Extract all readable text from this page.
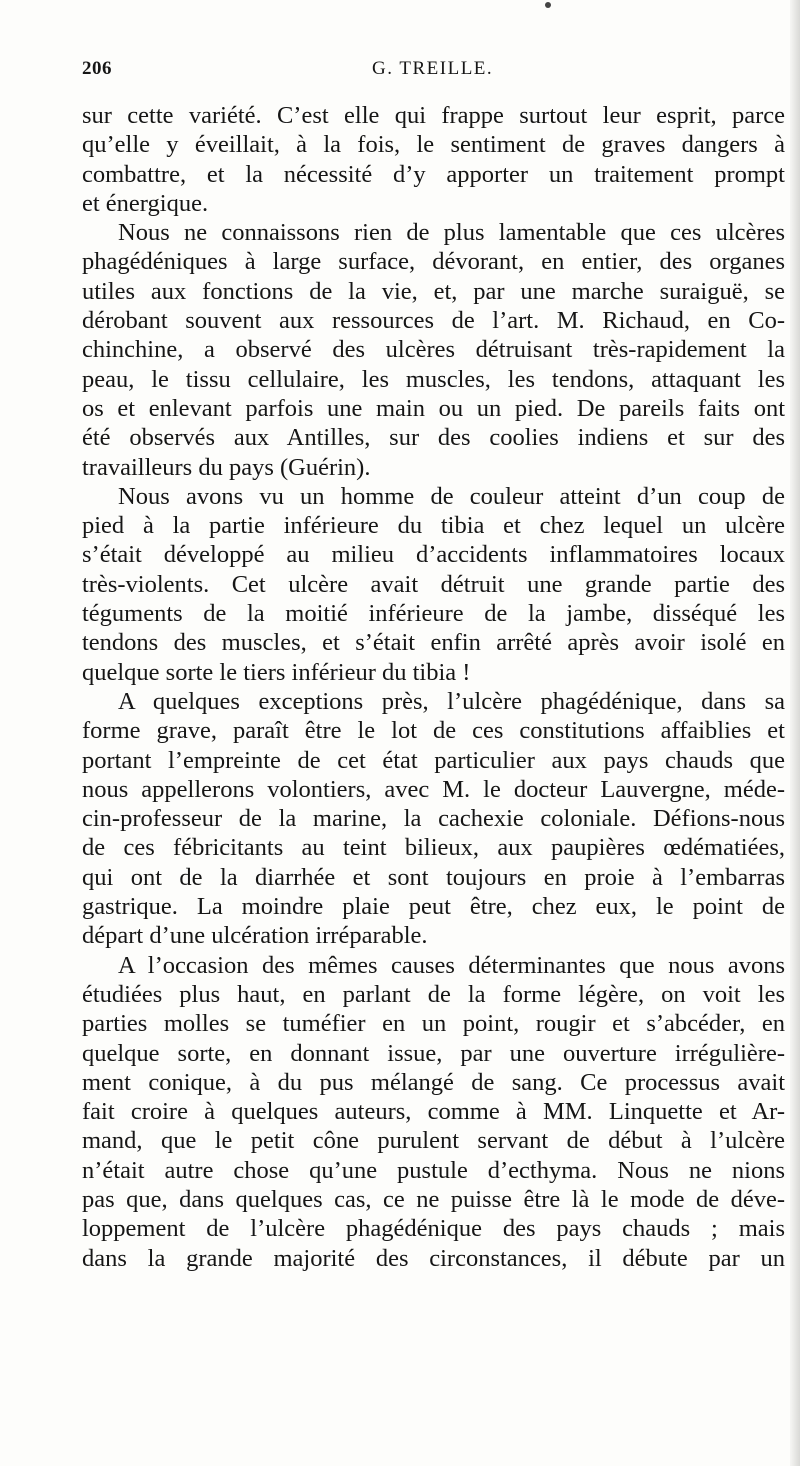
206	G. TREILLE.
sur cette variété. C’est elle qui frappe surtout leur esprit, parce
qu’elle y éveillait, à la fois, le sentiment de graves dangers à
combattre, et la nécessité d’y apporter un traitement prompt
et énergique.
Nous ne connaissons rien de plus lamentable que ces ulcères
phagédéniques à large surface, dévorant, en entier, des organes
utiles aux fonctions de la vie, et, par une marche suraiguë, se
dérobant souvent aux ressources de l’art. M. Richaud, en Co-
chinchine, a observé des ulcères détruisant très-rapidement la
peau, le tissu cellulaire, les muscles, les tendons, attaquant les
os et enlevant parfois une main ou un pied. De pareils faits ont
été observés aux Antilles, sur des coolies indiens et sur des
travailleurs du pays (Guérin).
Nous avons vu un homme de couleur atteint d’un coup de
pied à la partie inférieure du tibia et chez lequel un ulcère
s’était développé au milieu d’accidents inflammatoires locaux
très-violents. Cet ulcère avait détruit une grande partie des
téguments de la moitié inférieure de la jambe, disséqué les
tendons des muscles, et s’était enfin arrêté après avoir isolé en
quelque sorte le tiers inférieur du tibia !
A quelques exceptions près, l’ulcère phagédénique, dans sa
forme grave, paraît être le lot de ces constitutions affaiblies et
portant l’empreinte de cet état particulier aux pays chauds que
nous appellerons volontiers, avec M. le docteur Lauvergne, méde-
cin-professeur de la marine, la cachexie coloniale. Défions-nous
de ces fébricitants au teint bilieux, aux paupières œdématiées,
qui ont de la diarrhée et sont toujours en proie à l’embarras
gastrique. La moindre plaie peut être, chez eux, le point de
départ d’une ulcération irréparable.
A l’occasion des mêmes causes déterminantes que nous avons
étudiées plus haut, en parlant de la forme légère, on voit les
parties molles se tuméfier en un point, rougir et s’abcéder, en
quelque sorte, en donnant issue, par une ouverture irrégulière-
ment conique, à du pus mélangé de sang. Ce processus avait
fait croire à quelques auteurs, comme à MM. Linquette et Ar-
mand, que le petit cône purulent servant de début à l’ulcère
n’était autre chose qu’une pustule d’ecthyma. Nous ne nions
pas que, dans quelques cas, ce ne puisse être là le mode de déve-
loppement de l’ulcère phagédénique des pays chauds ; mais
dans la grande majorité des circonstances, il débute par un
